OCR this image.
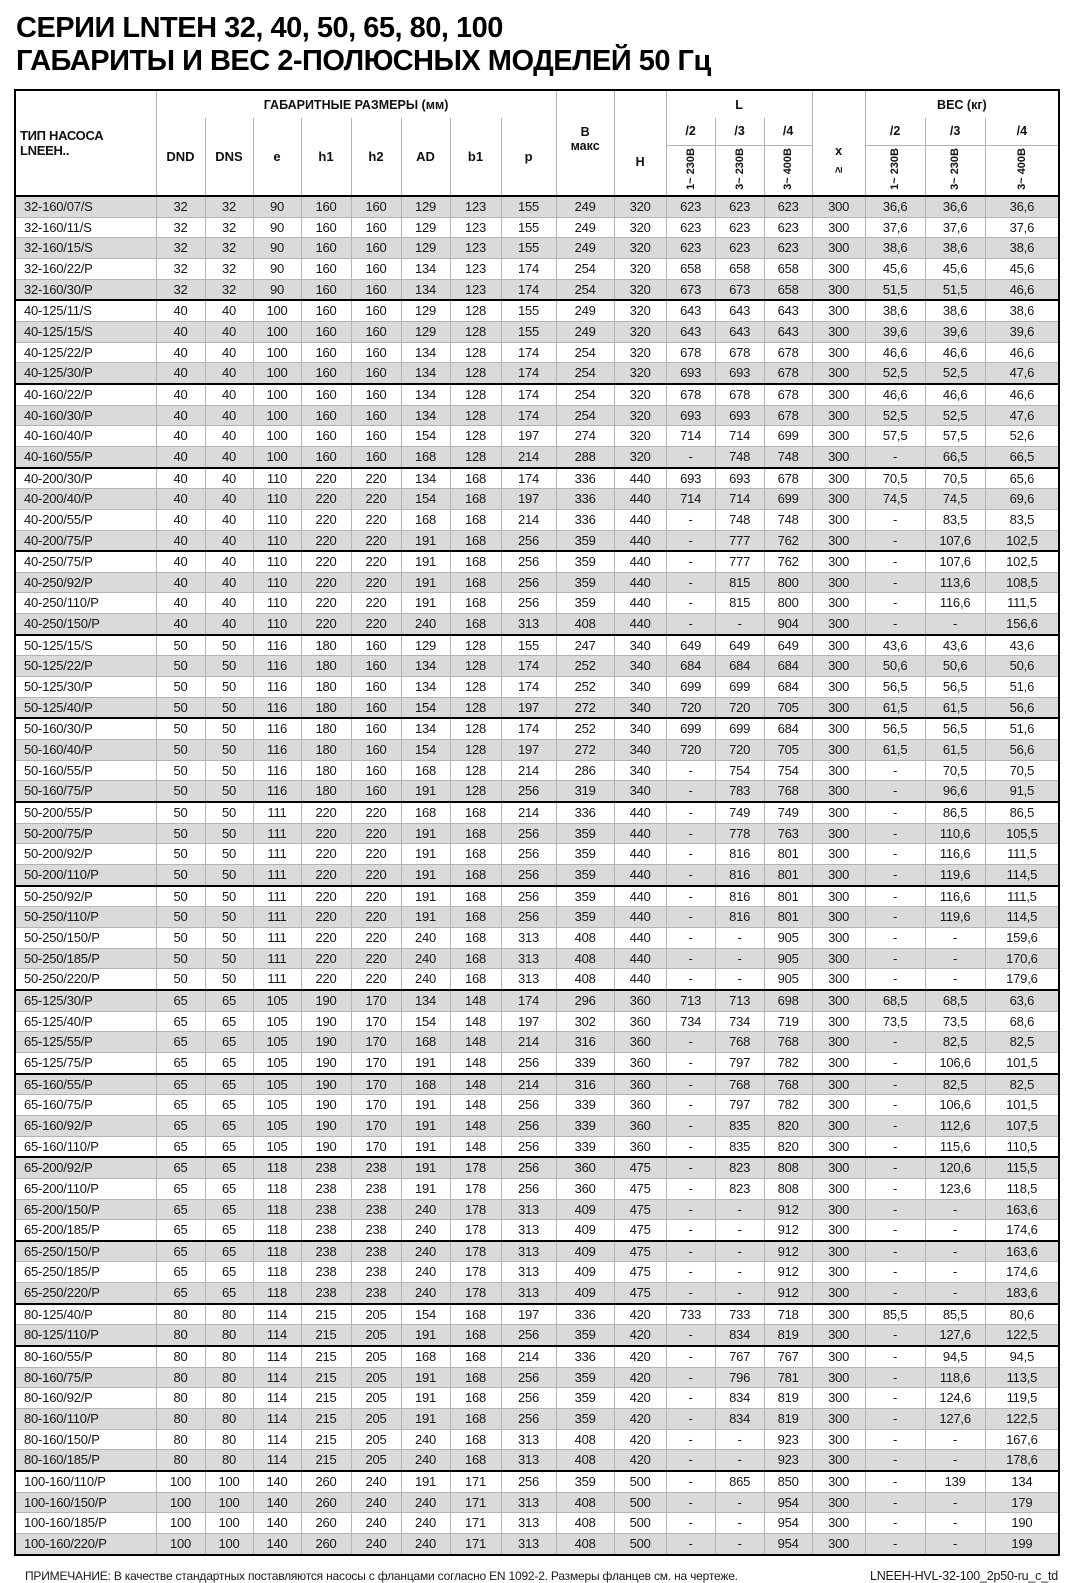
СЕРИИ LNTEH 32, 40, 50, 65, 80, 100
ГАБАРИТЫ И ВЕС 2-ПОЛЮСНЫХ МОДЕЛЕЙ 50 Гц
ТИП НАСОСА LNEEH..	ГАБАРИТНЫЕ РАЗМЕРЫ (мм)								В
макс	Н	L			x
≥	ВЕС (кг)		
	DND	DNS	e	h1	h2	AD	b1	p			/2	/3	/4		/2	/3	/4
											1~ 230В	3~ 230В	3~ 400В		1~ 230В	3~ 230В	3~ 400В
32-160/07/S	32	32	90	160	160	129	123	155	249	320	623	623	623	300	36,6	36,6	36,6
32-160/11/S	32	32	90	160	160	129	123	155	249	320	623	623	623	300	37,6	37,6	37,6
32-160/15/S	32	32	90	160	160	129	123	155	249	320	623	623	623	300	38,6	38,6	38,6
32-160/22/P	32	32	90	160	160	134	123	174	254	320	658	658	658	300	45,6	45,6	45,6
32-160/30/P	32	32	90	160	160	134	123	174	254	320	673	673	658	300	51,5	51,5	46,6
40-125/11/S	40	40	100	160	160	129	128	155	249	320	643	643	643	300	38,6	38,6	38,6
40-125/15/S	40	40	100	160	160	129	128	155	249	320	643	643	643	300	39,6	39,6	39,6
40-125/22/P	40	40	100	160	160	134	128	174	254	320	678	678	678	300	46,6	46,6	46,6
40-125/30/P	40	40	100	160	160	134	128	174	254	320	693	693	678	300	52,5	52,5	47,6
40-160/22/P	40	40	100	160	160	134	128	174	254	320	678	678	678	300	46,6	46,6	46,6
40-160/30/P	40	40	100	160	160	134	128	174	254	320	693	693	678	300	52,5	52,5	47,6
40-160/40/P	40	40	100	160	160	154	128	197	274	320	714	714	699	300	57,5	57,5	52,6
40-160/55/P	40	40	100	160	160	168	128	214	288	320	-	748	748	300	-	66,5	66,5
40-200/30/P	40	40	110	220	220	134	168	174	336	440	693	693	678	300	70,5	70,5	65,6
40-200/40/P	40	40	110	220	220	154	168	197	336	440	714	714	699	300	74,5	74,5	69,6
40-200/55/P	40	40	110	220	220	168	168	214	336	440	-	748	748	300	-	83,5	83,5
40-200/75/P	40	40	110	220	220	191	168	256	359	440	-	777	762	300	-	107,6	102,5
40-250/75/P	40	40	110	220	220	191	168	256	359	440	-	777	762	300	-	107,6	102,5
40-250/92/P	40	40	110	220	220	191	168	256	359	440	-	815	800	300	-	113,6	108,5
40-250/110/P	40	40	110	220	220	191	168	256	359	440	-	815	800	300	-	116,6	111,5
40-250/150/P	40	40	110	220	220	240	168	313	408	440	-	-	904	300	-	-	156,6
50-125/15/S	50	50	116	180	160	129	128	155	247	340	649	649	649	300	43,6	43,6	43,6
50-125/22/P	50	50	116	180	160	134	128	174	252	340	684	684	684	300	50,6	50,6	50,6
50-125/30/P	50	50	116	180	160	134	128	174	252	340	699	699	684	300	56,5	56,5	51,6
50-125/40/P	50	50	116	180	160	154	128	197	272	340	720	720	705	300	61,5	61,5	56,6
50-160/30/P	50	50	116	180	160	134	128	174	252	340	699	699	684	300	56,5	56,5	51,6
50-160/40/P	50	50	116	180	160	154	128	197	272	340	720	720	705	300	61,5	61,5	56,6
50-160/55/P	50	50	116	180	160	168	128	214	286	340	-	754	754	300	-	70,5	70,5
50-160/75/P	50	50	116	180	160	191	128	256	319	340	-	783	768	300	-	96,6	91,5
50-200/55/P	50	50	111	220	220	168	168	214	336	440	-	749	749	300	-	86,5	86,5
50-200/75/P	50	50	111	220	220	191	168	256	359	440	-	778	763	300	-	110,6	105,5
50-200/92/P	50	50	111	220	220	191	168	256	359	440	-	816	801	300	-	116,6	111,5
50-200/110/P	50	50	111	220	220	191	168	256	359	440	-	816	801	300	-	119,6	114,5
50-250/92/P	50	50	111	220	220	191	168	256	359	440	-	816	801	300	-	116,6	111,5
50-250/110/P	50	50	111	220	220	191	168	256	359	440	-	816	801	300	-	119,6	114,5
50-250/150/P	50	50	111	220	220	240	168	313	408	440	-	-	905	300	-	-	159,6
50-250/185/P	50	50	111	220	220	240	168	313	408	440	-	-	905	300	-	-	170,6
50-250/220/P	50	50	111	220	220	240	168	313	408	440	-	-	905	300	-	-	179,6
65-125/30/P	65	65	105	190	170	134	148	174	296	360	713	713	698	300	68,5	68,5	63,6
65-125/40/P	65	65	105	190	170	154	148	197	302	360	734	734	719	300	73,5	73,5	68,6
65-125/55/P	65	65	105	190	170	168	148	214	316	360	-	768	768	300	-	82,5	82,5
65-125/75/P	65	65	105	190	170	191	148	256	339	360	-	797	782	300	-	106,6	101,5
65-160/55/P	65	65	105	190	170	168	148	214	316	360	-	768	768	300	-	82,5	82,5
65-160/75/P	65	65	105	190	170	191	148	256	339	360	-	797	782	300	-	106,6	101,5
65-160/92/P	65	65	105	190	170	191	148	256	339	360	-	835	820	300	-	112,6	107,5
65-160/110/P	65	65	105	190	170	191	148	256	339	360	-	835	820	300	-	115,6	110,5
65-200/92/P	65	65	118	238	238	191	178	256	360	475	-	823	808	300	-	120,6	115,5
65-200/110/P	65	65	118	238	238	191	178	256	360	475	-	823	808	300	-	123,6	118,5
65-200/150/P	65	65	118	238	238	240	178	313	409	475	-	-	912	300	-	-	163,6
65-200/185/P	65	65	118	238	238	240	178	313	409	475	-	-	912	300	-	-	174,6
65-250/150/P	65	65	118	238	238	240	178	313	409	475	-	-	912	300	-	-	163,6
65-250/185/P	65	65	118	238	238	240	178	313	409	475	-	-	912	300	-	-	174,6
65-250/220/P	65	65	118	238	238	240	178	313	409	475	-	-	912	300	-	-	183,6
80-125/40/P	80	80	114	215	205	154	168	197	336	420	733	733	718	300	85,5	85,5	80,6
80-125/110/P	80	80	114	215	205	191	168	256	359	420	-	834	819	300	-	127,6	122,5
80-160/55/P	80	80	114	215	205	168	168	214	336	420	-	767	767	300	-	94,5	94,5
80-160/75/P	80	80	114	215	205	191	168	256	359	420	-	796	781	300	-	118,6	113,5
80-160/92/P	80	80	114	215	205	191	168	256	359	420	-	834	819	300	-	124,6	119,5
80-160/110/P	80	80	114	215	205	191	168	256	359	420	-	834	819	300	-	127,6	122,5
80-160/150/P	80	80	114	215	205	240	168	313	408	420	-	-	923	300	-	-	167,6
80-160/185/P	80	80	114	215	205	240	168	313	408	420	-	-	923	300	-	-	178,6
100-160/110/P	100	100	140	260	240	191	171	256	359	500	-	865	850	300	-	139	134
100-160/150/P	100	100	140	260	240	240	171	313	408	500	-	-	954	300	-	-	179
100-160/185/P	100	100	140	260	240	240	171	313	408	500	-	-	954	300	-	-	190
100-160/220/P	100	100	140	260	240	240	171	313	408	500	-	-	954	300	-	-	199
ПРИМЕЧАНИЕ: В качестве стандартных поставляются насосы с фланцами согласно EN 1092-2. Размеры фланцев см. на чертеже.	LNEEH-HVL-32-100_2p50-ru_c_td
